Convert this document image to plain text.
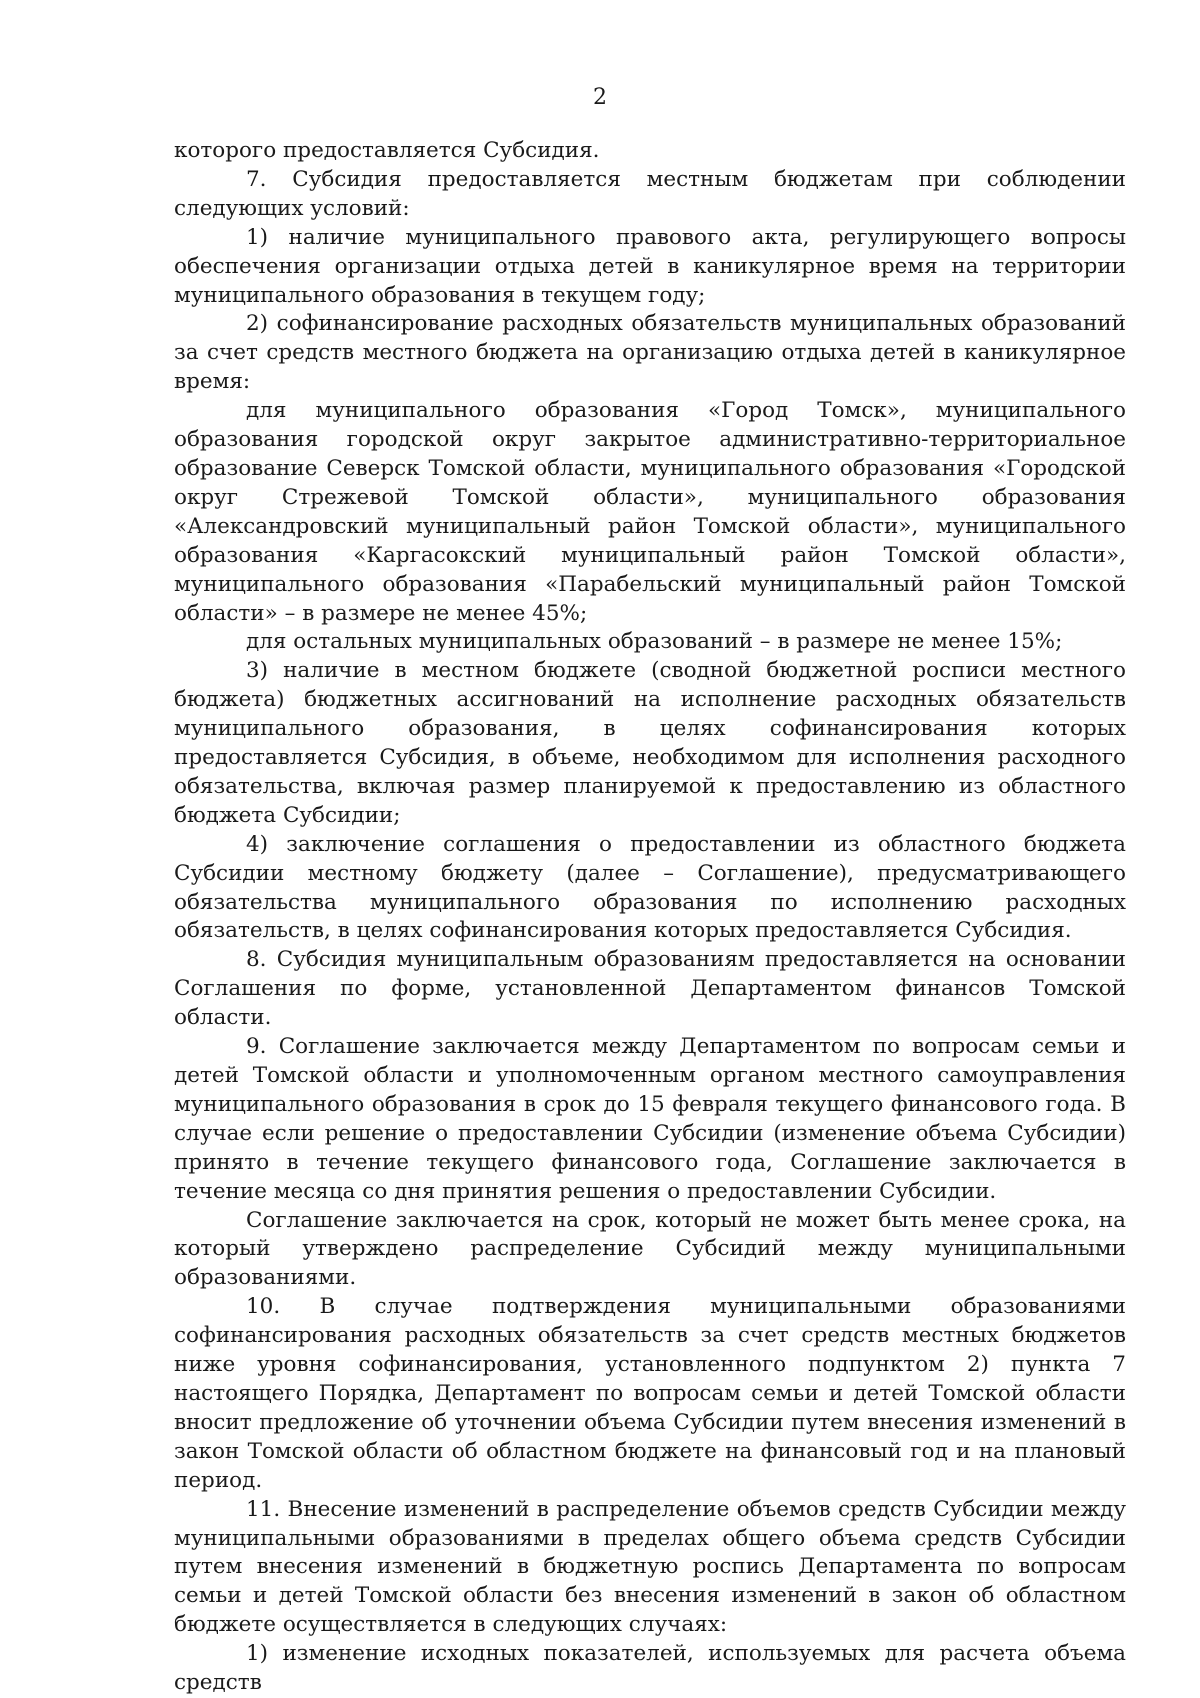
2

которого предоставляется Субсидия.

7. Субсидия предоставляется местным бюджетам при соблюдении следующих условий:

1) наличие муниципального правового акта, регулирующего вопросы обеспечения организации отдыха детей в каникулярное время на территории муниципального образования в текущем году;

2) софинансирование расходных обязательств муниципальных образований за счет средств местного бюджета на организацию отдыха детей в каникулярное время:

для муниципального образования «Город Томск», муниципального образования городской округ закрытое административно-территориальное образование Северск Томской области, муниципального образования «Городской округ Стрежевой Томской области», муниципального образования «Александровский муниципальный район Томской области», муниципального образования «Каргасокский муниципальный район Томской области», муниципального образования «Парабельский муниципальный район Томской области» – в размере не менее 45%;

для остальных муниципальных образований – в размере не менее 15%;

3) наличие в местном бюджете (сводной бюджетной росписи местного бюджета) бюджетных ассигнований на исполнение расходных обязательств муниципального образования, в целях софинансирования которых предоставляется Субсидия, в объеме, необходимом для исполнения расходного обязательства, включая размер планируемой к предоставлению из областного бюджета Субсидии;

4) заключение соглашения о предоставлении из областного бюджета Субсидии местному бюджету (далее – Соглашение), предусматривающего обязательства муниципального образования по исполнению расходных обязательств, в целях софинансирования которых предоставляется Субсидия.

8. Субсидия муниципальным образованиям предоставляется на основании Соглашения по форме, установленной Департаментом финансов Томской области.

9. Соглашение заключается между Департаментом по вопросам семьи и детей Томской области и уполномоченным органом местного самоуправления муниципального образования в срок до 15 февраля текущего финансового года. В случае если решение о предоставлении Субсидии (изменение объема Субсидии) принято в течение текущего финансового года, Соглашение заключается в течение месяца со дня принятия решения о предоставлении Субсидии.

Соглашение заключается на срок, который не может быть менее срока, на который утверждено распределение Субсидий между муниципальными образованиями.

10. В случае подтверждения муниципальными образованиями софинансирования расходных обязательств за счет средств местных бюджетов ниже уровня софинансирования, установленного подпунктом 2) пункта 7 настоящего Порядка, Департамент по вопросам семьи и детей Томской области вносит предложение об уточнении объема Субсидии путем внесения изменений в закон Томской области об областном бюджете на финансовый год и на плановый период.

11. Внесение изменений в распределение объемов средств Субсидии между муниципальными образованиями в пределах общего объема средств Субсидии путем внесения изменений в бюджетную роспись Департамента по вопросам семьи и детей Томской области без внесения изменений в закон об областном бюджете осуществляется в следующих случаях:

1) изменение исходных показателей, используемых для расчета объема средств
